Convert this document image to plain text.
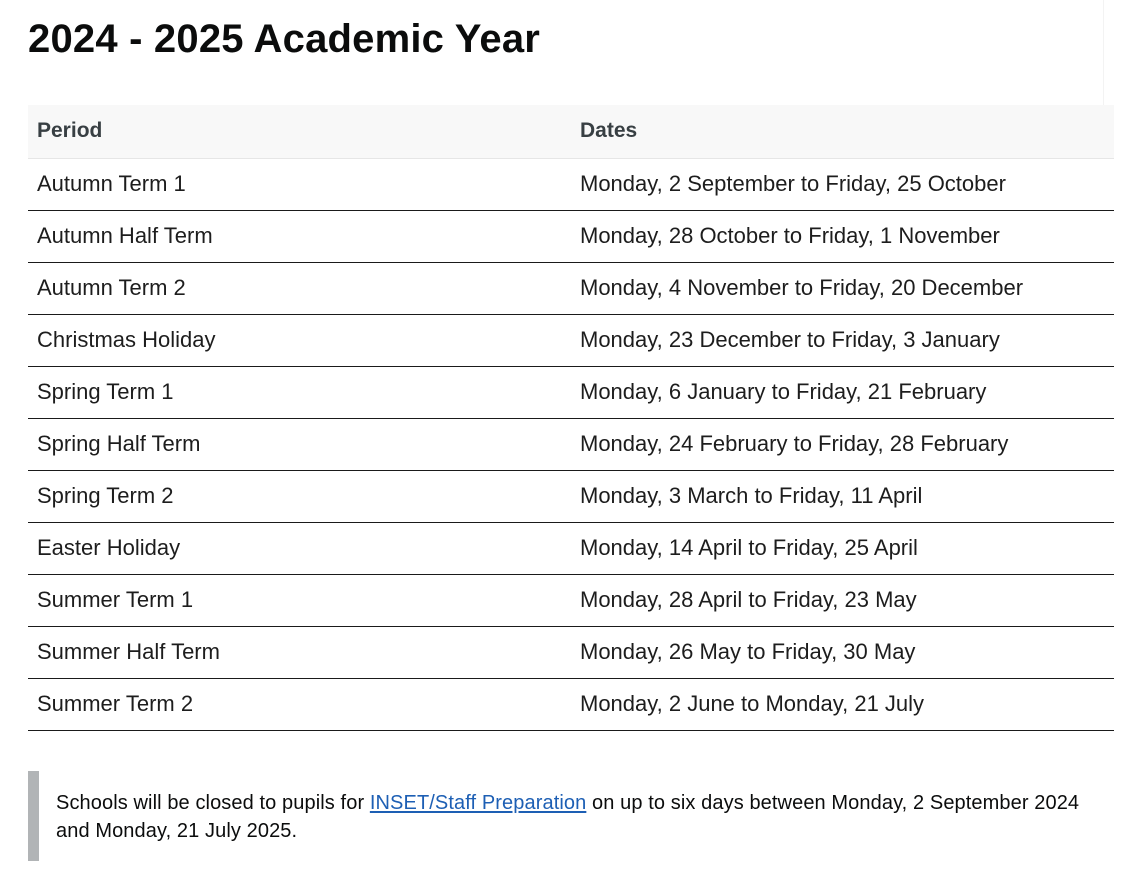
2024 - 2025 Academic Year
Period	Dates
Autumn Term 1	Monday, 2 September to Friday, 25 October
Autumn Half Term	Monday, 28 October to Friday, 1 November
Autumn Term 2	Monday, 4 November to Friday, 20 December
Christmas Holiday	Monday, 23 December to Friday, 3 January
Spring Term 1	Monday, 6 January to Friday, 21 February
Spring Half Term	Monday, 24 February to Friday, 28 February
Spring Term 2	Monday, 3 March to Friday, 11 April
Easter Holiday	Monday, 14 April to Friday, 25 April
Summer Term 1	Monday, 28 April to Friday, 23 May
Summer Half Term	Monday, 26 May to Friday, 30 May
Summer Term 2	Monday, 2 June to Monday, 21 July
Schools will be closed to pupils for INSET/Staff Preparation on up to six days between Monday, 2 September 2024 and Monday, 21 July 2025.
